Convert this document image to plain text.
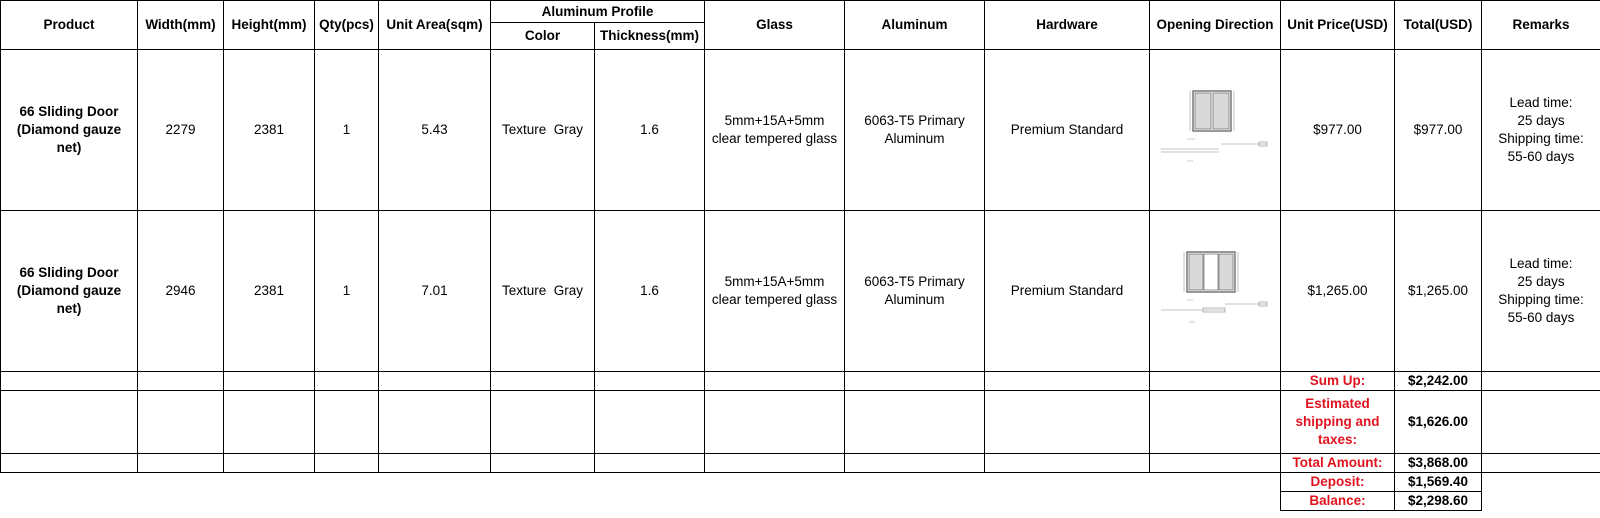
Product	Width(mm)	Height(mm)	Qty(pcs)	Unit Area(sqm)	Aluminum Profile		Glass	Aluminum	Hardware	Opening Direction	Unit Price(USD)	Total(USD)	Remarks
					Color	Thickness(mm)							
66 Sliding Door
(Diamond gauze
net)	2279	2381	1	5.43	Texture  Gray	1.6	5mm+15A+5mm
clear tempered glass	6063-T5 Primary
Aluminum	Premium Standard		$977.00	$977.00	Lead time:
25 days
Shipping time:
55-60 days
66 Sliding Door
(Diamond gauze
net)	2946	2381	1	7.01	Texture  Gray	1.6	5mm+15A+5mm
clear tempered glass	6063-T5 Primary
Aluminum	Premium Standard		$1,265.00	$1,265.00	Lead time:
25 days
Shipping time:
55-60 days
											Sum Up:	$2,242.00	
											Estimated
shipping and
taxes:	$1,626.00	
											Total Amount:	$3,868.00	
											Deposit:	$1,569.40	
											Balance:	$2,298.60	
